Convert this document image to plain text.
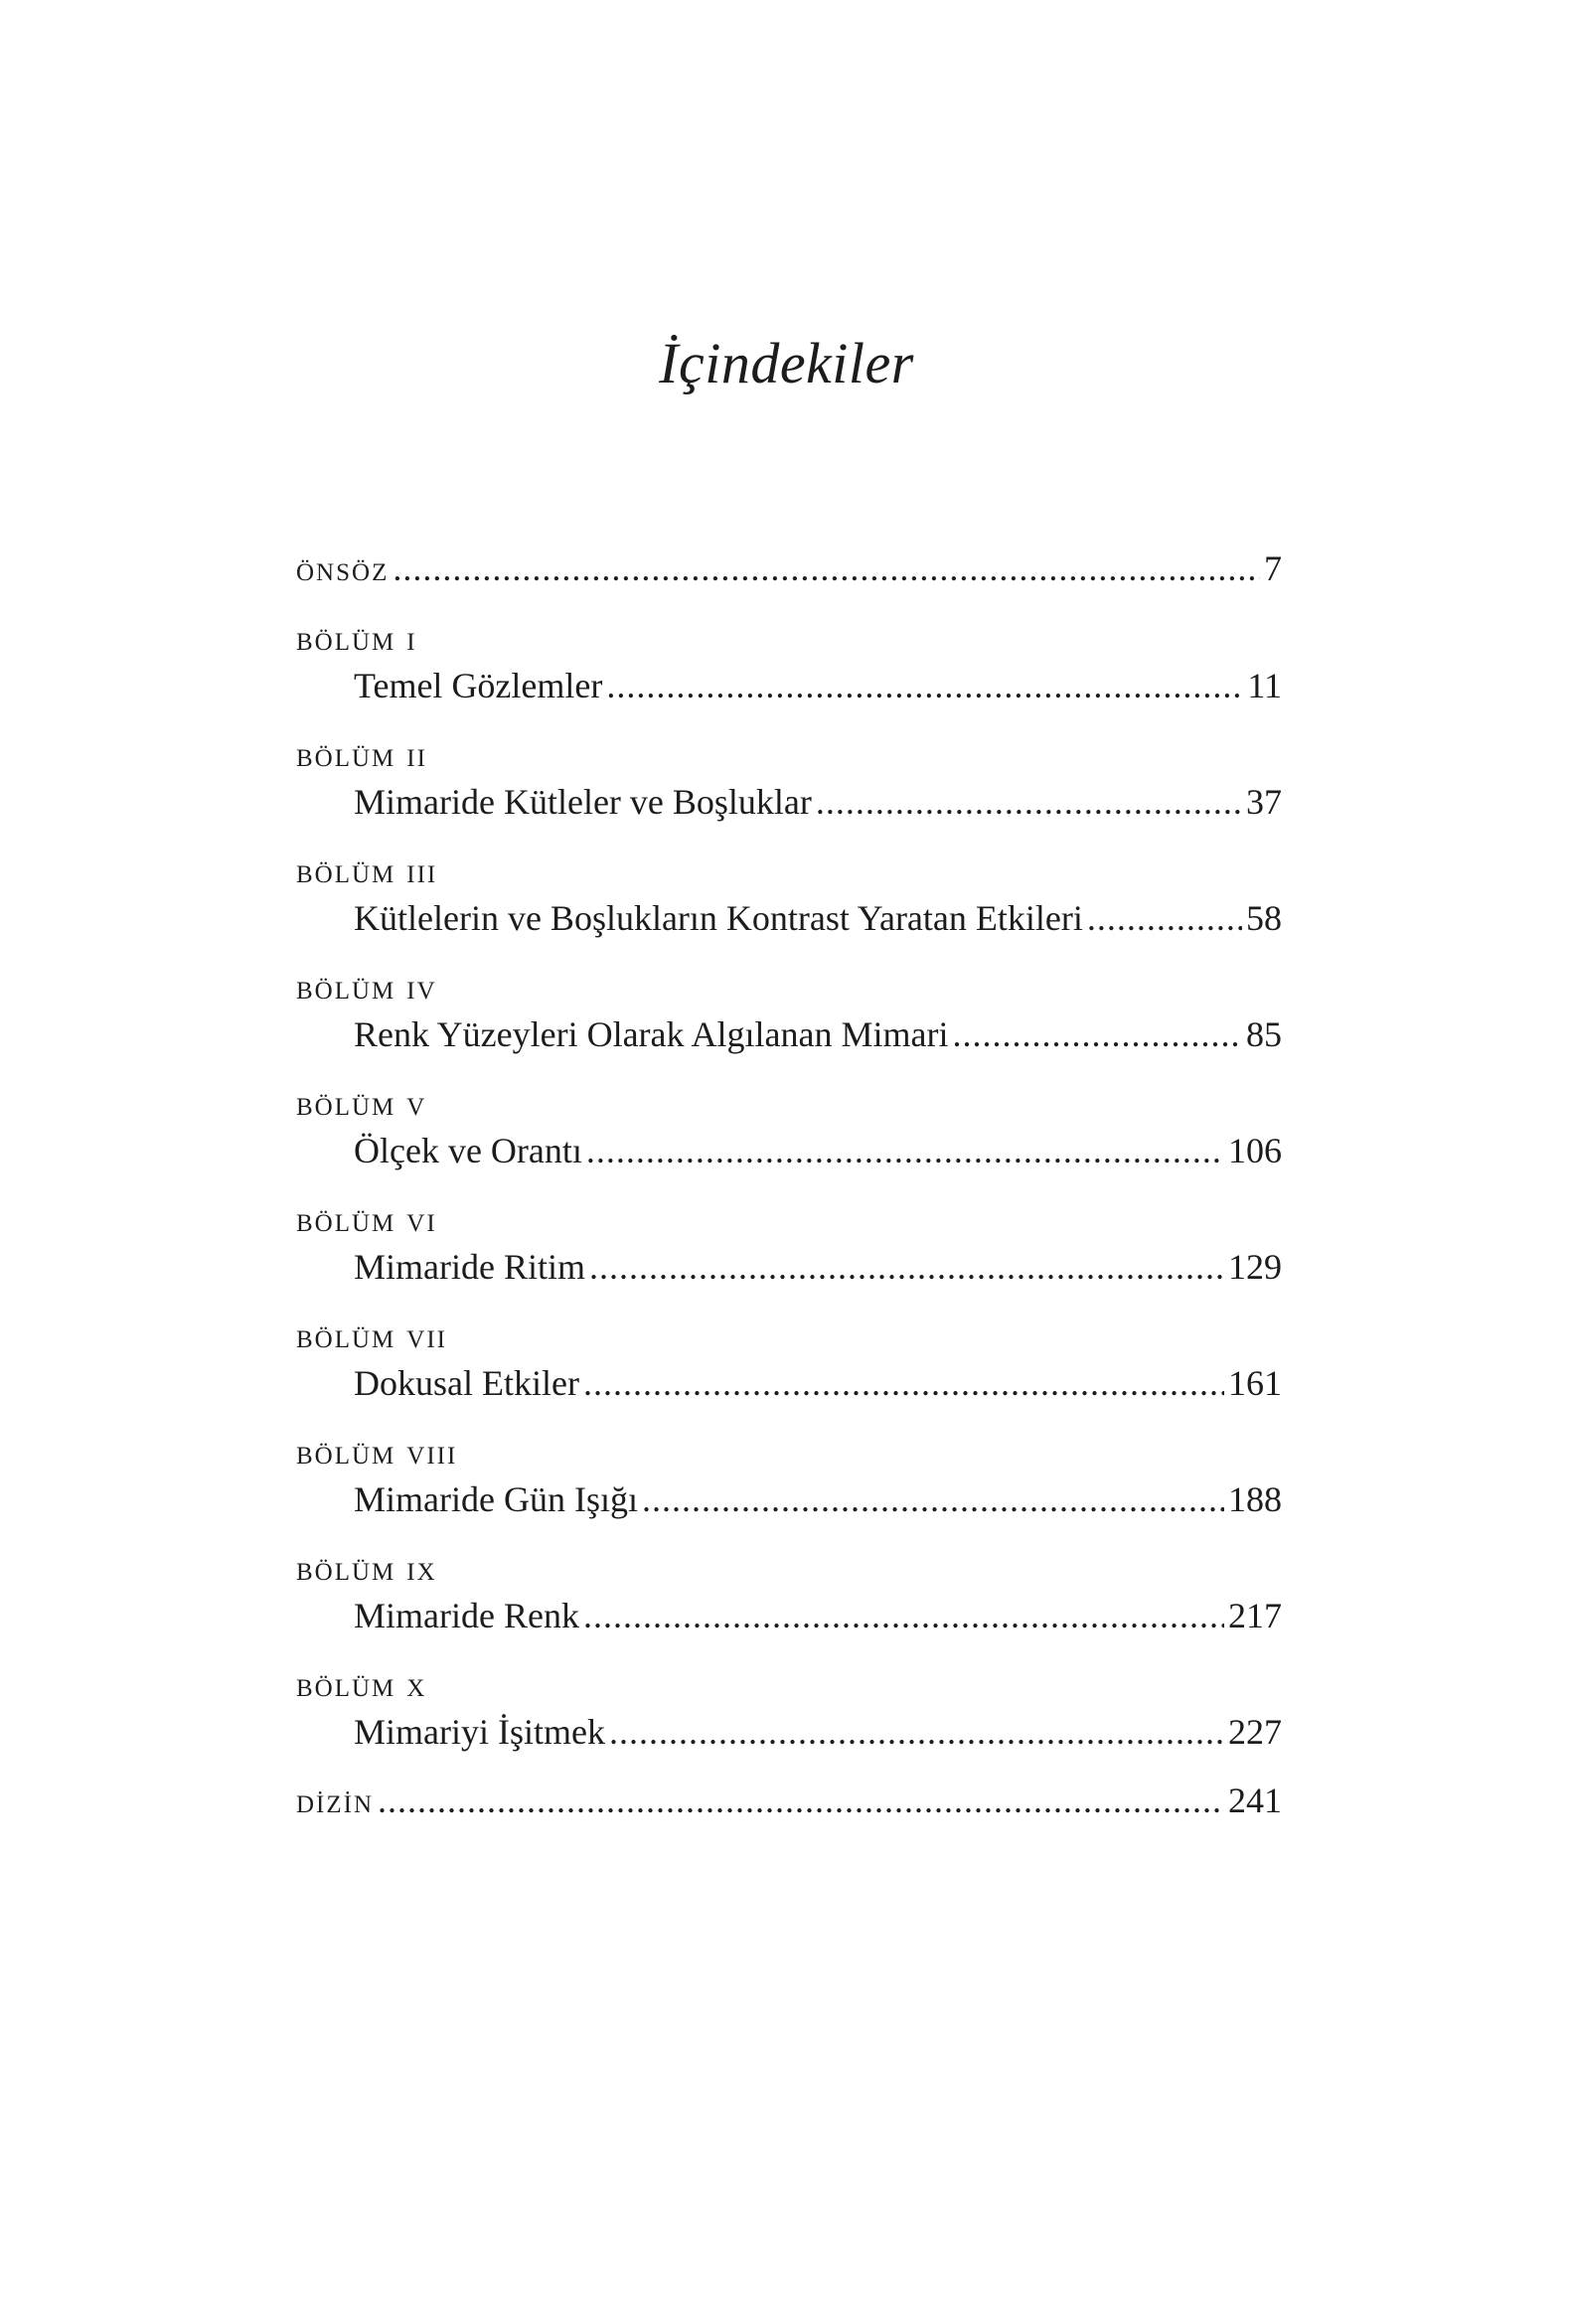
İçindekiler
önsöz .....	7
bölüm i
Temel Gözlemler .....	11
bölüm ii
Mimaride Kütleler ve Boşluklar .....	37
bölüm iii
Kütlelerin ve Boşlukların Kontrast Yaratan Etkileri .....	58
bölüm iv
Renk Yüzeyleri Olarak Algılanan Mimari .....	85
bölüm v
Ölçek ve Orantı .....	106
bölüm vi
Mimaride Ritim .....	129
bölüm vii
Dokusal Etkiler .....	161
bölüm viii
Mimaride Gün Işığı .....	188
bölüm ix
Mimaride Renk .....	217
bölüm x
Mimariyi İşitmek .....	227
di̇zi̇n .....	241
